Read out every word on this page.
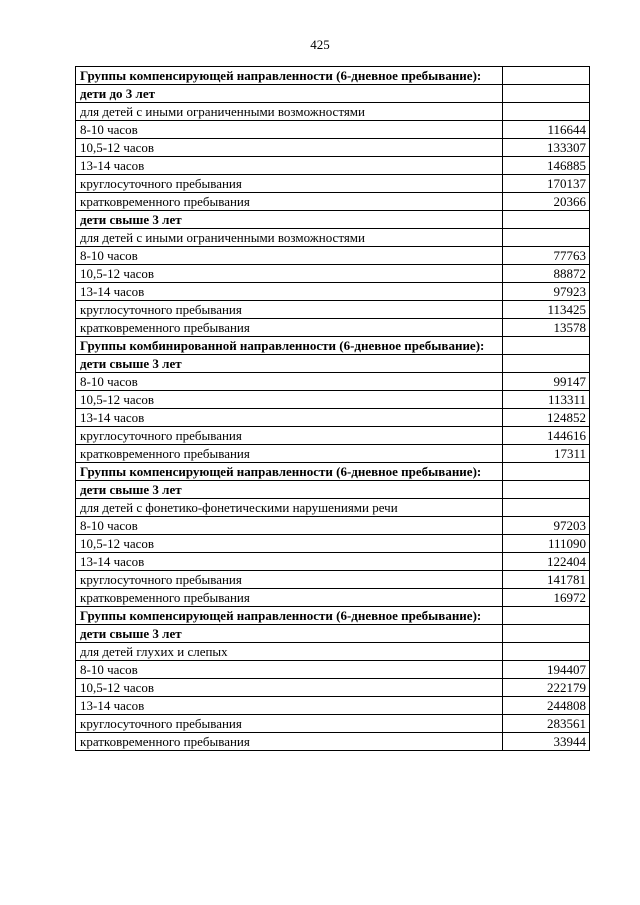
425
Группы компенсирующей направленности (6-дневное пребывание):	
дети до 3 лет	
для детей с иными ограниченными возможностями	
8-10 часов	116644
10,5-12 часов	133307
13-14 часов	146885
круглосуточного пребывания	170137
кратковременного пребывания	20366
дети свыше 3 лет	
для детей с иными ограниченными возможностями	
8-10 часов	77763
10,5-12 часов	88872
13-14 часов	97923
круглосуточного пребывания	113425
кратковременного пребывания	13578
Группы комбинированной направленности (6-дневное пребывание):	
дети свыше 3 лет	
8-10 часов	99147
10,5-12 часов	113311
13-14 часов	124852
круглосуточного пребывания	144616
кратковременного пребывания	17311
Группы компенсирующей направленности (6-дневное пребывание):	
дети свыше 3 лет	
для детей с фонетико-фонетическими нарушениями речи	
8-10 часов	97203
10,5-12 часов	111090
13-14 часов	122404
круглосуточного пребывания	141781
кратковременного пребывания	16972
Группы компенсирующей направленности (6-дневное пребывание):	
дети свыше 3 лет	
для детей глухих и слепых	
8-10 часов	194407
10,5-12 часов	222179
13-14 часов	244808
круглосуточного пребывания	283561
кратковременного пребывания	33944
